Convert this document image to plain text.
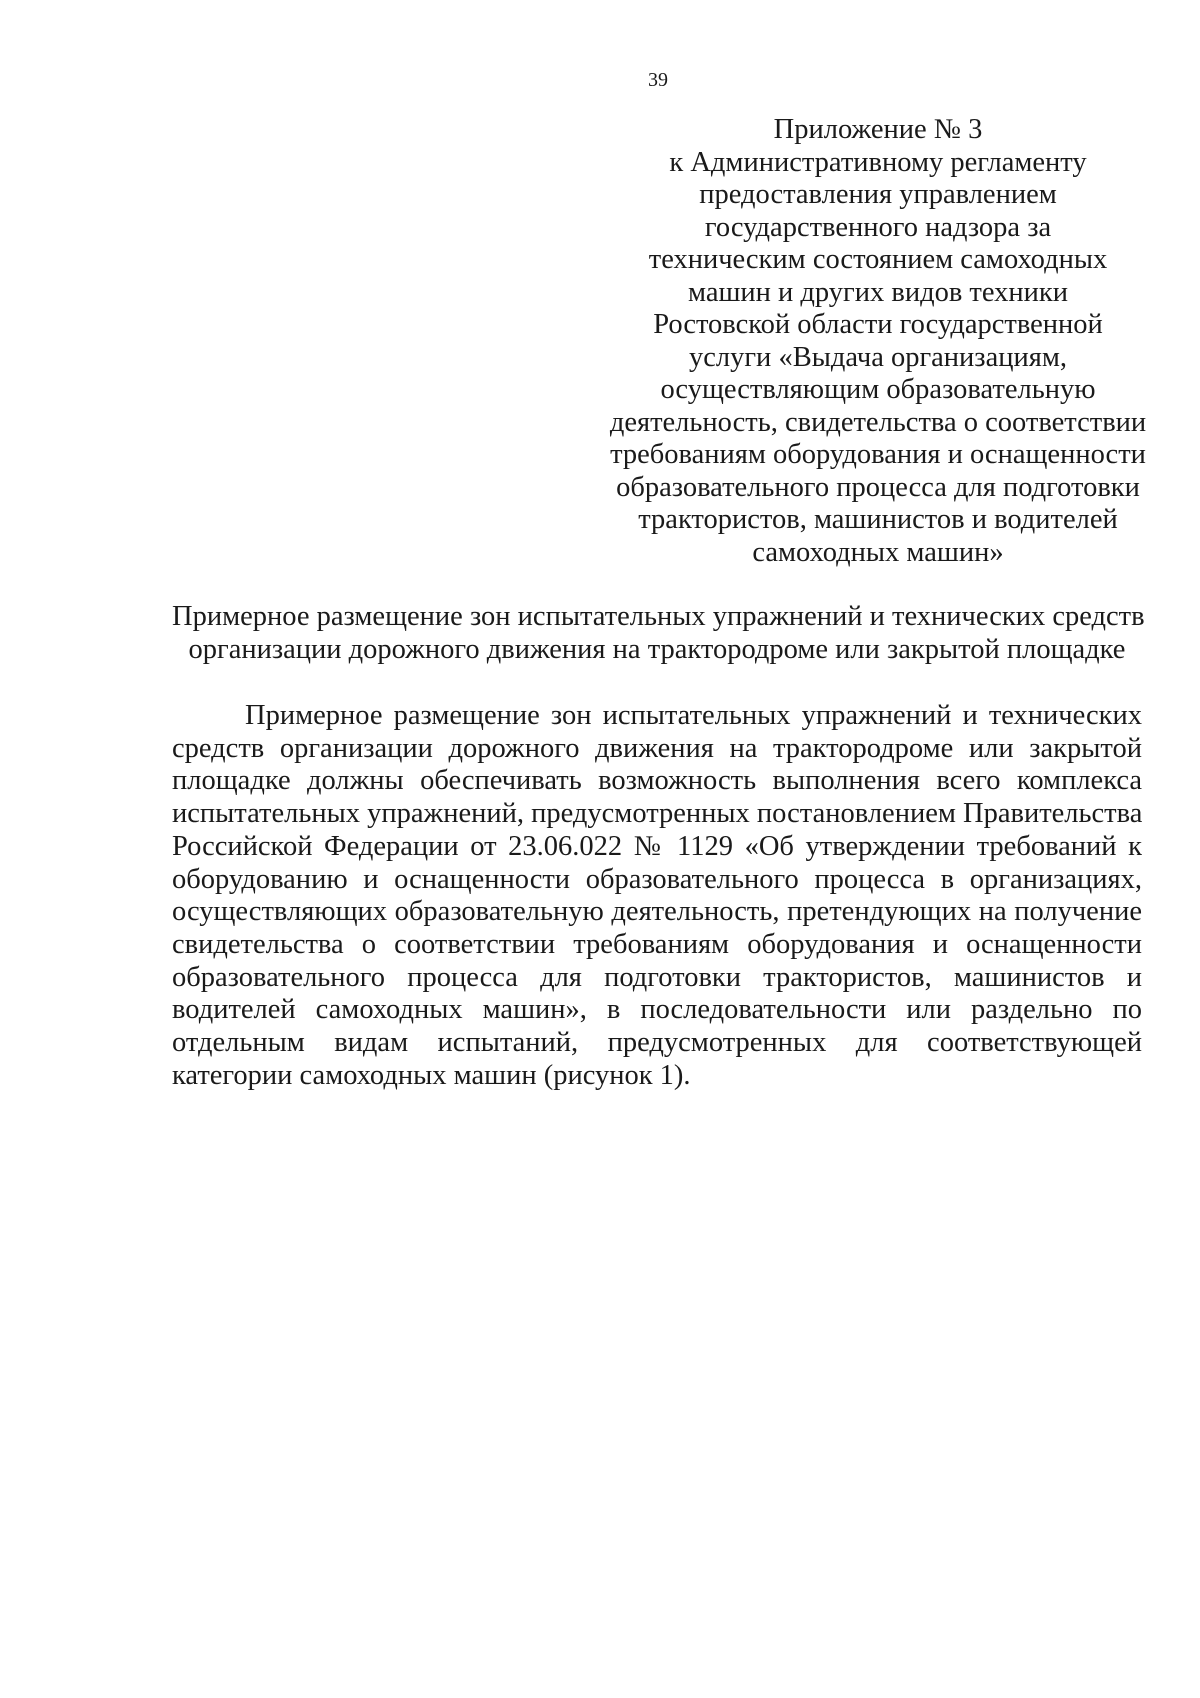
39
Приложение № 3
к Административному регламенту
предоставления управлением
государственного надзора за
техническим состоянием самоходных
машин и других видов техники
Ростовской области государственной
услуги «Выдача организациям,
осуществляющим образовательную
деятельность, свидетельства о соответствии
требованиям оборудования и оснащенности
образовательного процесса для подготовки
трактористов, машинистов и водителей
самоходных машин»
Примерное размещение зон испытательных упражнений и технических средств
организации дорожного движения на трактородроме или закрытой площадке
Примерное размещение зон испытательных упражнений и технических
средств организации дорожного движения на трактородроме или закрытой
площадке должны обеспечивать возможность выполнения всего комплекса
испытательных упражнений, предусмотренных постановлением Правительства
Российской Федерации от 23.06.022 № 1129 «Об утверждении требований к
оборудованию и оснащенности образовательного процесса в организациях,
осуществляющих образовательную деятельность, претендующих на получение
свидетельства о соответствии требованиям оборудования и оснащенности
образовательного процесса для подготовки трактористов, машинистов и
водителей самоходных машин», в последовательности или раздельно по
отдельным видам испытаний, предусмотренных для соответствующей
категории самоходных машин (рисунок 1).
